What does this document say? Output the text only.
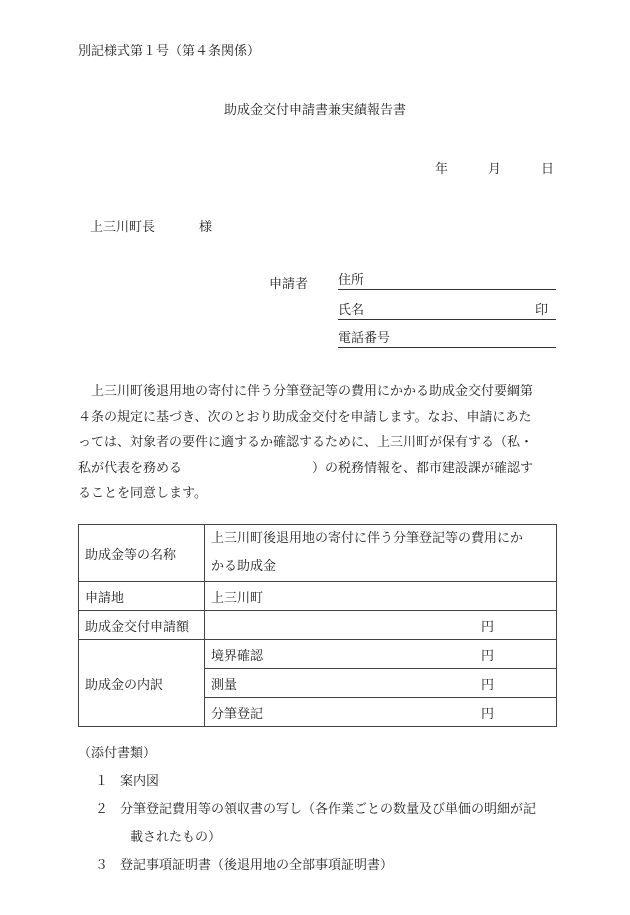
別記様式第１号（第４条関係）
助成金交付申請書兼実績報告書
年	月	日
上三川町長	様
申請者 住所
氏名	印
電話番号
　上三川町後退用地の寄付に伴う分筆登記等の費用にかかる助成金交付要綱第
４条の規定に基づき、次のとおり助成金交付を申請します。なお、申請にあた
っては、対象者の要件に適するか確認するために、上三川町が保有する（私・
私が代表を務める　　　　　　　　　　）の税務情報を、都市建設課が確認す
ることを同意します。
助成金等の名称	上三川町後退用地の寄付に伴う分筆登記等の費用にか
かる助成金

申請地	上三川町
助成金交付申請額	円
助成金の内訳	境界確認 円

	測量 円

	分筆登記 円
（添付書類）
１ 案内図
２ 分筆登記費用等の領収書の写し（各作業ごとの数量及び単価の明細が記
載されたもの）
３ 登記事項証明書（後退用地の全部事項証明書）
